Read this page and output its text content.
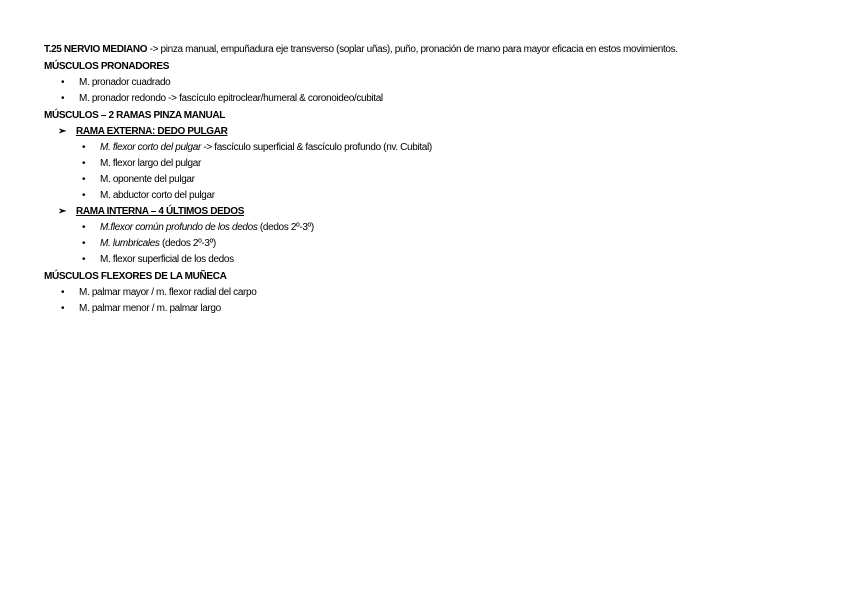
T.25 NERVIO MEDIANO -> pinza manual, empuñadura eje transverso (soplar uñas), puño, pronación de mano para mayor eficacia en estos movimientos.

MÚSCULOS PRONADORES

• M. pronador cuadrado
• M. pronador redondo -> fascículo epitroclear/humeral & coronoideo/cubital

MÚSCULOS – 2 RAMAS PINZA MANUAL

➢ RAMA EXTERNA: DEDO PULGAR
• M. flexor corto del pulgar -> fascículo superficial & fascículo profundo (nv. Cubital)
• M. flexor largo del pulgar
• M. oponente del pulgar
• M. abductor corto del pulgar
➢ RAMA INTERNA – 4 ÚLTIMOS DEDOS
• M.flexor común profundo de los dedos (dedos 2º-3º)
• M. lumbricales (dedos 2º-3º)
• M. flexor superficial de los dedos

MÚSCULOS FLEXORES DE LA MUÑECA

• M. palmar mayor / m. flexor radial del carpo
• M. palmar menor / m. palmar largo
